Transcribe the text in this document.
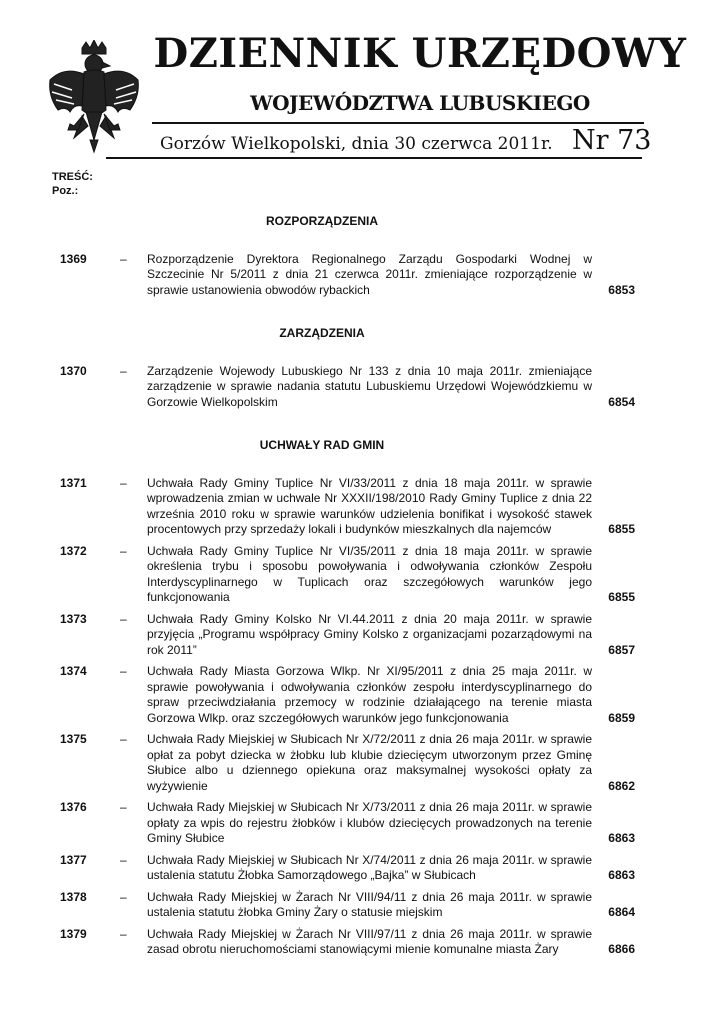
DZIENNIK URZĘDOWY
WOJEWÓDZTWA LUBUSKIEGO
Gorzów Wielkopolski, dnia 30 czerwca 2011r. Nr 73
TREŚĆ:
Poz.:
ROZPORZĄDZENIA
1369	– Rozporządzenie Dyrektora Regionalnego Zarządu Gospodarki Wodnej w Szczecinie Nr 5/2011 z dnia 21 czerwca 2011r. zmieniające rozporządzenie w sprawie ustanowienia obwodów rybackich	6853
ZARZĄDZENIA
1370	– Zarządzenie Wojewody Lubuskiego Nr 133 z dnia 10 maja 2011r. zmieniające zarządzenie w sprawie nadania statutu Lubuskiemu Urzędowi Wojewódzkiemu w Gorzowie Wielkopolskim	6854
UCHWAŁY RAD GMIN
1371	– Uchwała Rady Gminy Tuplice Nr VI/33/2011 z dnia 18 maja 2011r. w sprawie wprowadzenia zmian w uchwale Nr XXXII/198/2010 Rady Gminy Tuplice z dnia 22 września 2010 roku w sprawie warunków udzielenia bonifikat i wysokość stawek procentowych przy sprzedaży lokali i budynków mieszkalnych dla najemców	6855
1372	– Uchwała Rady Gminy Tuplice Nr VI/35/2011 z dnia 18 maja 2011r. w sprawie określenia trybu i sposobu powoływania i odwoływania członków Zespołu Interdyscyplinarnego w Tuplicach oraz szczegółowych warunków jego funkcjonowania	6855
1373	– Uchwała Rady Gminy Kolsko Nr VI.44.2011 z dnia 20 maja 2011r. w sprawie przyjęcia „Programu współpracy Gminy Kolsko z organizacjami pozarządowymi na rok 2011”	6857
1374	– Uchwała Rady Miasta Gorzowa Wlkp. Nr XI/95/2011 z dnia 25 maja 2011r. w sprawie powoływania i odwoływania członków zespołu interdyscyplinarnego do spraw przeciwdziałania przemocy w rodzinie działającego na terenie miasta Gorzowa Wlkp. oraz szczegółowych warunków jego funkcjonowania	6859
1375	– Uchwała Rady Miejskiej w Słubicach Nr X/72/2011 z dnia 26 maja 2011r. w sprawie opłat za pobyt dziecka w żłobku lub klubie dziecięcym utworzonym przez Gminę Słubice albo u dziennego opiekuna oraz maksymalnej wysokości opłaty za wyżywienie	6862
1376	– Uchwała Rady Miejskiej w Słubicach Nr X/73/2011 z dnia 26 maja 2011r. w sprawie opłaty za wpis do rejestru żłobków i klubów dziecięcych prowadzonych na terenie Gminy Słubice	6863
1377	– Uchwała Rady Miejskiej w Słubicach Nr X/74/2011 z dnia 26 maja 2011r. w sprawie ustalenia statutu Żłobka Samorządowego „Bajka” w Słubicach	6863
1378	– Uchwała Rady Miejskiej w Żarach Nr VIII/94/11 z dnia 26 maja 2011r. w sprawie ustalenia statutu żłobka Gminy Żary o statusie miejskim	6864
1379	– Uchwała Rady Miejskiej w Żarach Nr VIII/97/11 z dnia 26 maja 2011r. w sprawie zasad obrotu nieruchomościami stanowiącymi mienie komunalne miasta Żary	6866
